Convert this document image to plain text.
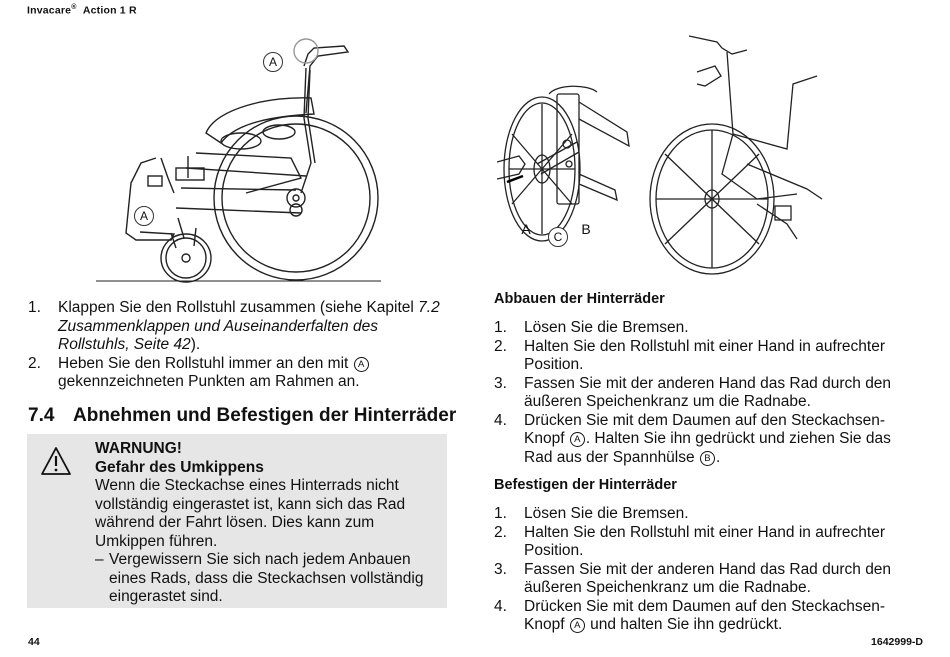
Invacare® Action 1 R
A
A
A	C	B
1. Klappen Sie den Rollstuhl zusammen (siehe Kapitel 7.2 Zusammenklappen und Auseinanderfalten des Rollstuhls, Seite 42).
2. Heben Sie den Rollstuhl immer an den mit A gekennzeichneten Punkten am Rahmen an.
7.4 Abnehmen und Befestigen der Hinterräder
WARNUNG!
Gefahr des Umkippens
Wenn die Steckachse eines Hinterrads nicht vollständig eingerastet ist, kann sich das Rad während der Fahrt lösen. Dies kann zum Umkippen führen.
– Vergewissern Sie sich nach jedem Anbauen eines Rads, dass die Steckachsen vollständig eingerastet sind.
Abbauen der Hinterräder
1. Lösen Sie die Bremsen.
2. Halten Sie den Rollstuhl mit einer Hand in aufrechter Position.
3. Fassen Sie mit der anderen Hand das Rad durch den äußeren Speichenkranz um die Radnabe.
4. Drücken Sie mit dem Daumen auf den Steckachsen-Knopf A . Halten Sie ihn gedrückt und ziehen Sie das Rad aus der Spannhülse B .
Befestigen der Hinterräder
1. Lösen Sie die Bremsen.
2. Halten Sie den Rollstuhl mit einer Hand in aufrechter Position.
3. Fassen Sie mit der anderen Hand das Rad durch den äußeren Speichenkranz um die Radnabe.
4. Drücken Sie mit dem Daumen auf den Steckachsen-Knopf A und halten Sie ihn gedrückt.
44	1642999-D
